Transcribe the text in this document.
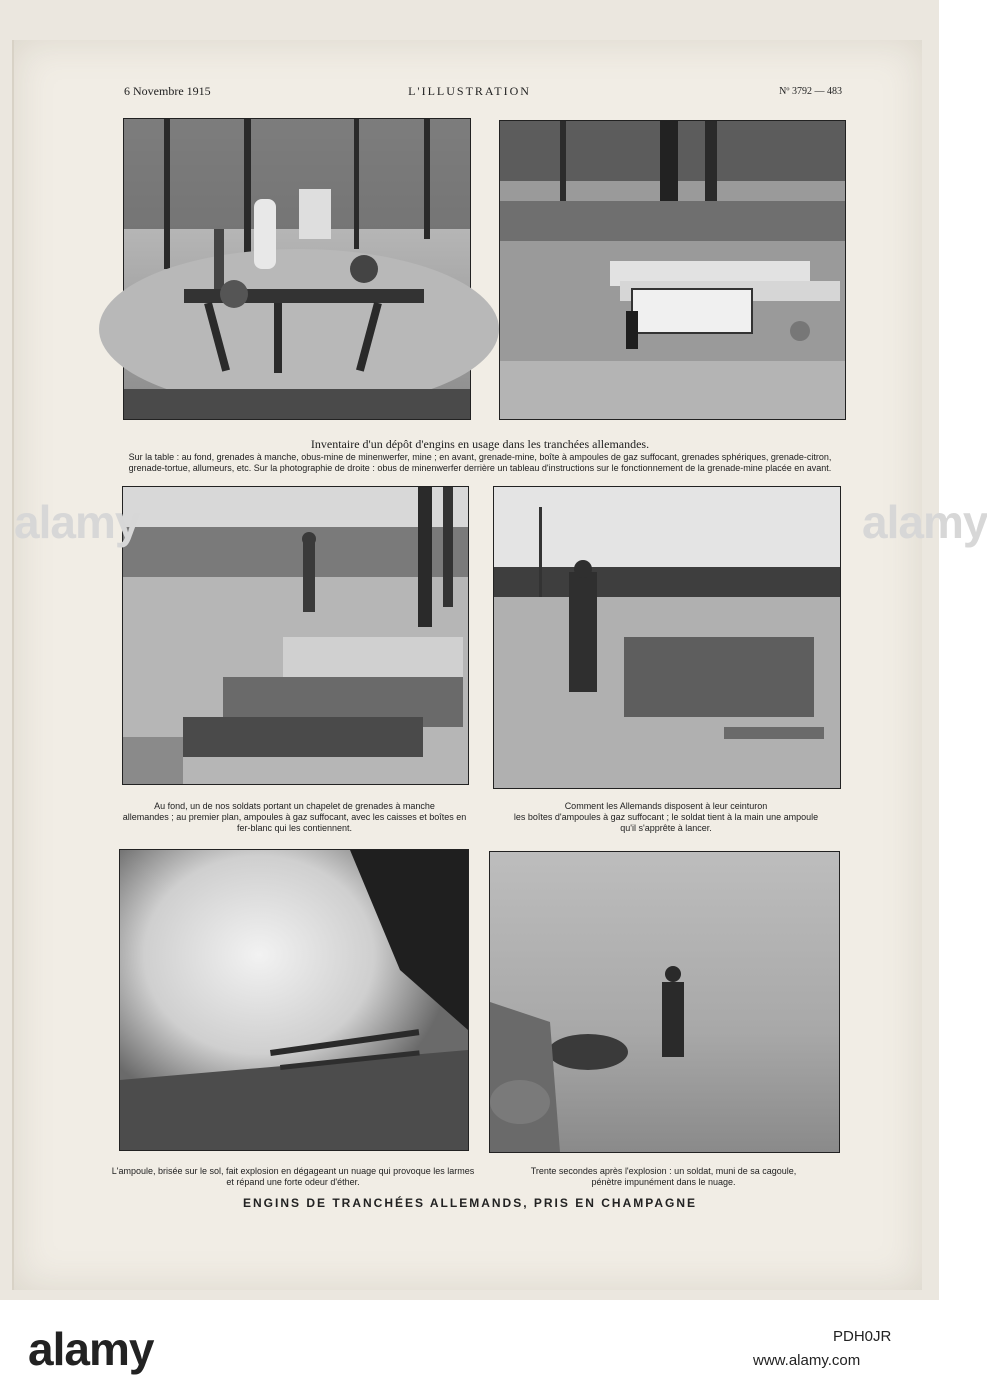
6 Novembre 1915	L'ILLUSTRATION	Nº 3792 — 483
Inventaire d'un dépôt d'engins en usage dans les tranchées allemandes.
Sur la table : au fond, grenades à manche, obus-mine de minenwerfer, mine ; en avant, grenade-mine, boîte à ampoules de gaz suffocant, grenades sphériques, grenade-citron,
grenade-tortue, allumeurs, etc. Sur la photographie de droite : obus de minenwerfer derrière un tableau d'instructions sur le fonctionnement de la grenade-mine placée en avant.
Au fond, un de nos soldats portant un chapelet de grenades à manche
allemandes ; au premier plan, ampoules à gaz suffocant, avec les caisses et boîtes en
fer-blanc qui les contiennent.
Comment les Allemands disposent à leur ceinturon
les boîtes d'ampoules à gaz suffocant ; le soldat tient à la main une ampoule
qu'il s'apprête à lancer.
L'ampoule, brisée sur le sol, fait explosion en dégageant un nuage qui provoque les larmes
et répand une forte odeur d'éther.
Trente secondes après l'explosion : un soldat, muni de sa cagoule,
pénètre impunément dans le nuage.
ENGINS DE TRANCHÉES ALLEMANDS, PRIS EN CHAMPAGNE
alamy	alamy
alamy	PDH0JR
www.alamy.com
